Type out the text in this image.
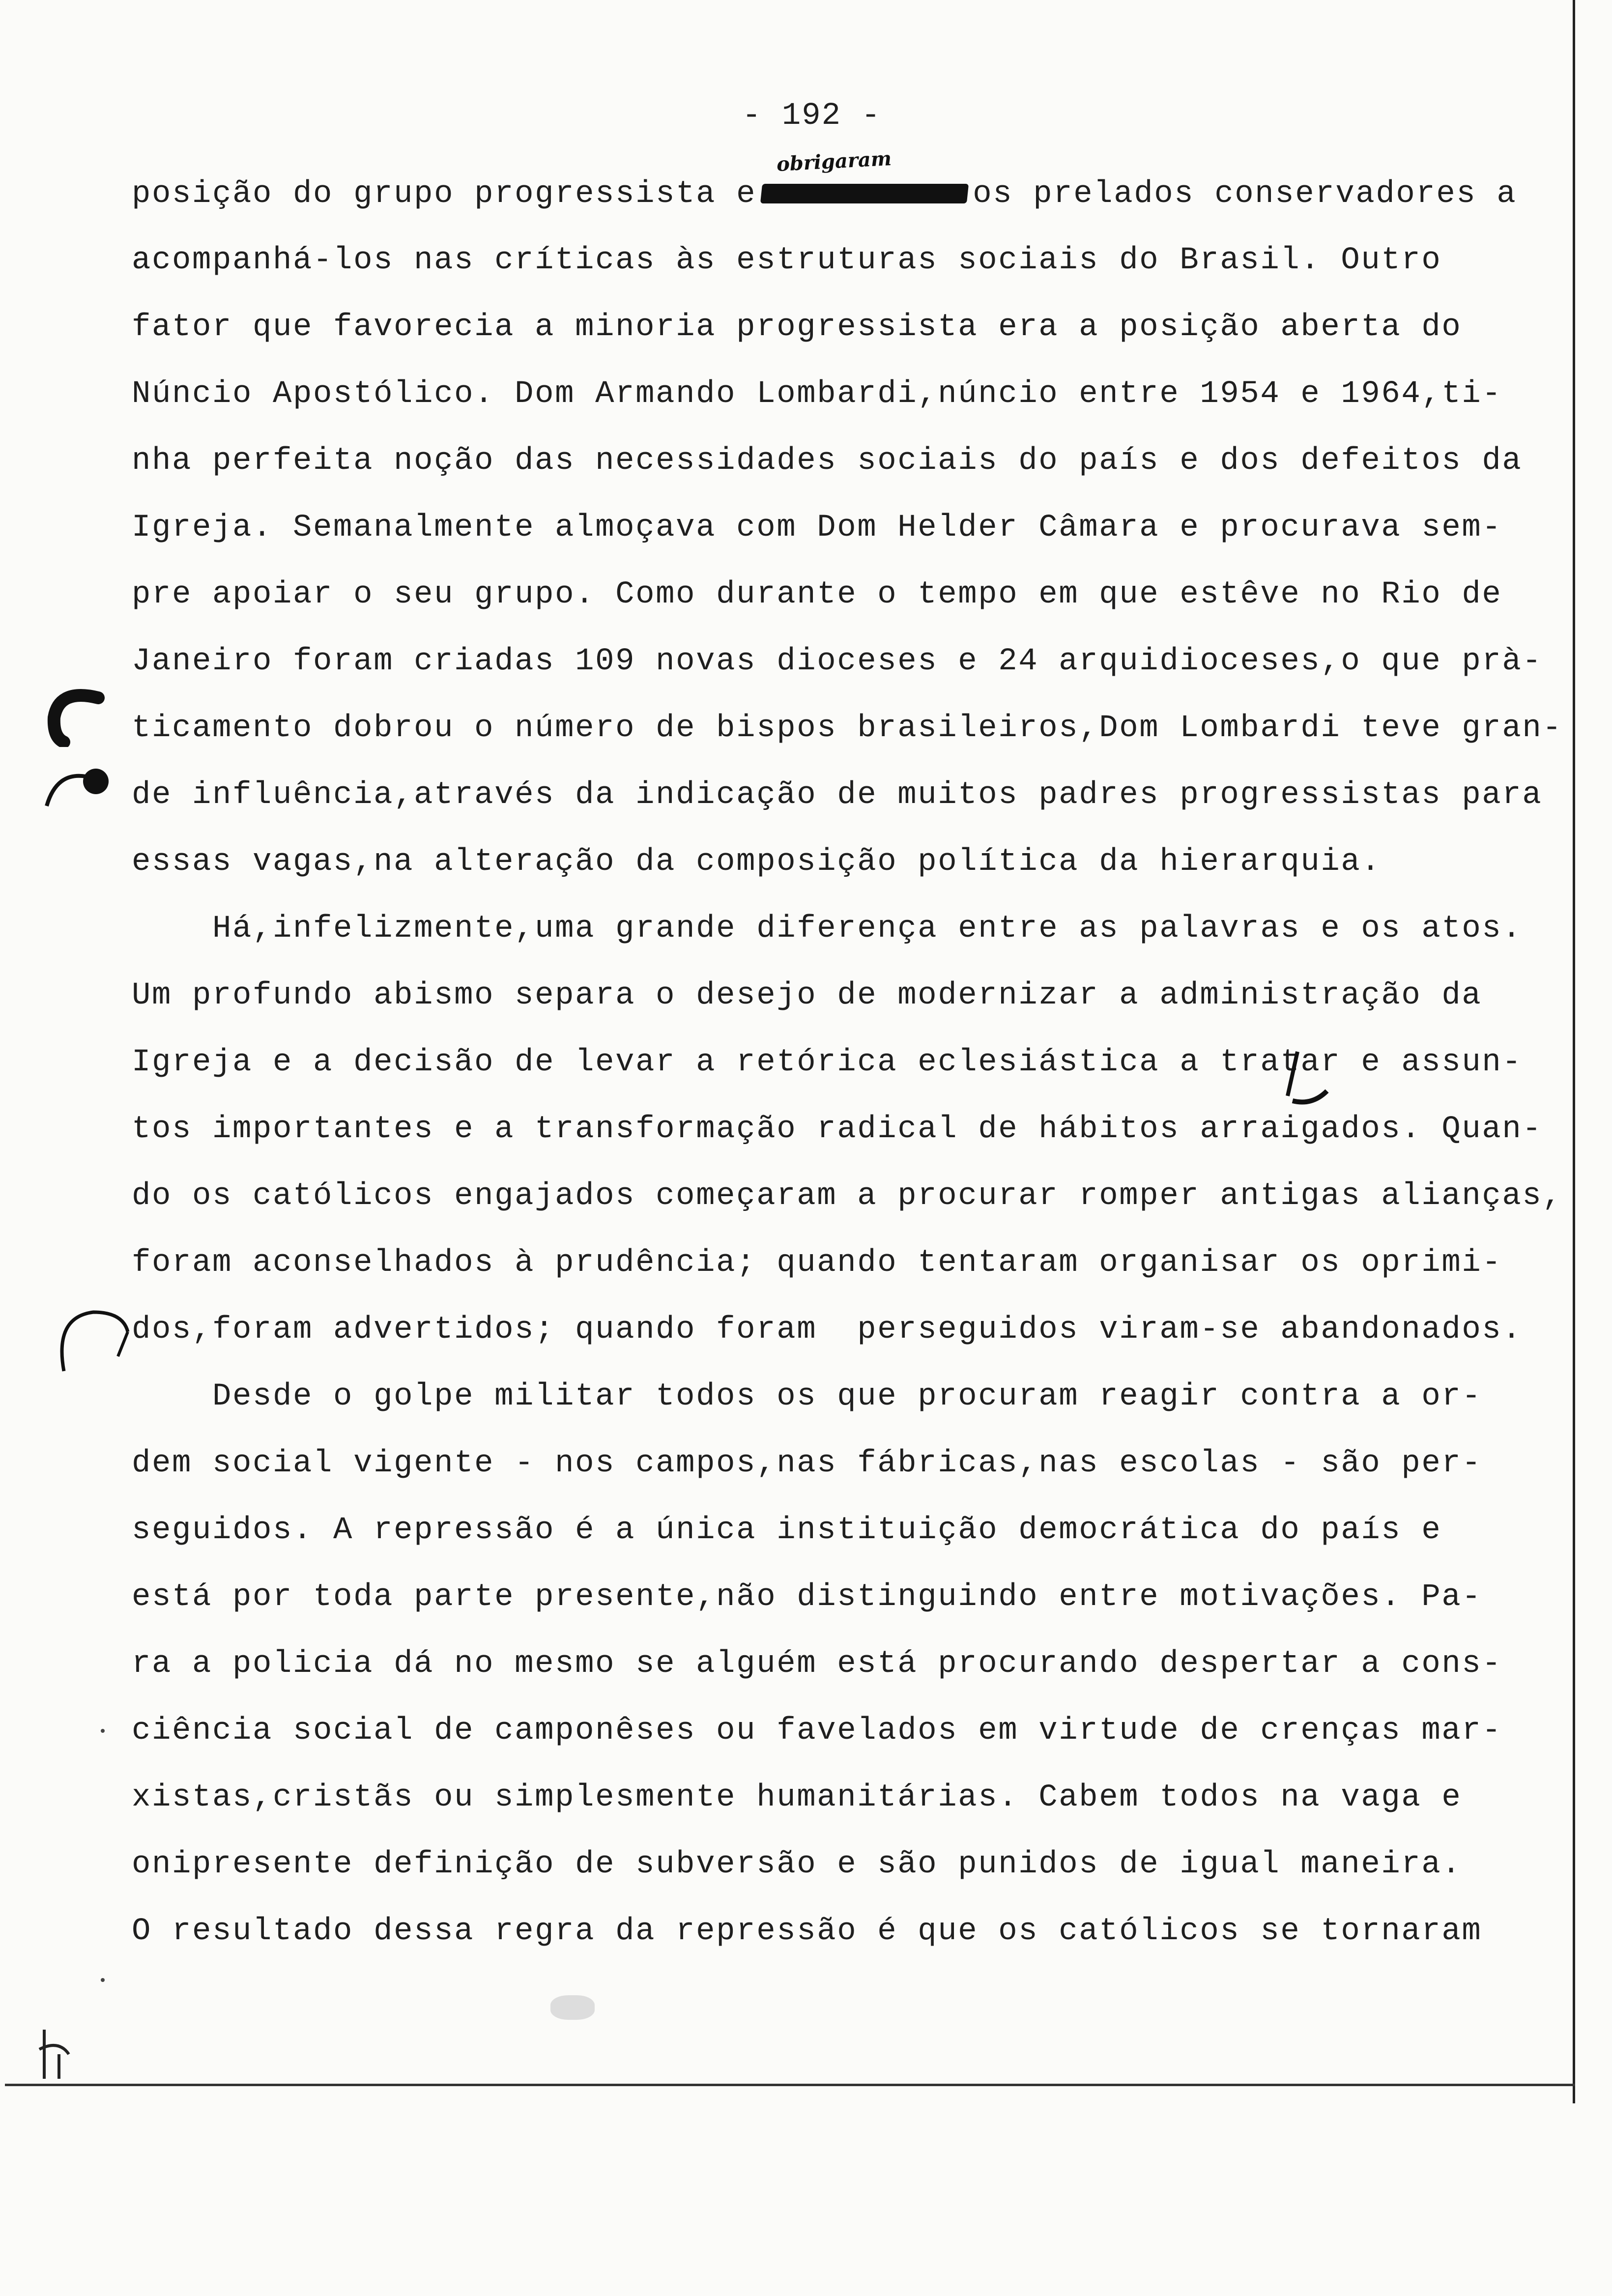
- 192 -
obrigaram
posição do grupo progressista e	os prelados conservadores a
acompanhá-los nas críticas às estruturas sociais do Brasil. Outro
fator que favorecia a minoria progressista era a posição aberta do
Núncio Apostólico. Dom Armando Lombardi,núncio entre 1954 e 1964,ti-
nha perfeita noção das necessidades sociais do país e dos defeitos da
Igreja. Semanalmente almoçava com Dom Helder Câmara e procurava sem-
pre apoiar o seu grupo. Como durante o tempo em que estêve no Rio de
Janeiro foram criadas 109 novas dioceses e 24 arquidioceses,o que prà-
ticamento dobrou o número de bispos brasileiros,Dom Lombardi teve gran-
de influência,através da indicação de muitos padres progressistas para
essas vagas,na alteração da composição política da hierarquia.
Há,infelizmente,uma grande diferença entre as palavras e os atos.
Um profundo abismo separa o desejo de modernizar a administração da
Igreja e a decisão de levar a retórica eclesiástica a tratar e assun-
tos importantes e a transformação radical de hábitos arraigados. Quan-
do os católicos engajados começaram a procurar romper antigas alianças,
foram aconselhados à prudência; quando tentaram organisar os oprimi-
dos,foram advertidos; quando foram  perseguidos viram-se abandonados.
Desde o golpe militar todos os que procuram reagir contra a or-
dem social vigente - nos campos,nas fábricas,nas escolas - são per-
seguidos. A repressão é a única instituição democrática do país e
está por toda parte presente,não distinguindo entre motivações. Pa-
ra a policia dá no mesmo se alguém está procurando despertar a cons-
ciência social de camponêses ou favelados em virtude de crenças mar-
xistas,cristãs ou simplesmente humanitárias. Cabem todos na vaga e
onipresente definição de subversão e são punidos de igual maneira.
O resultado dessa regra da repressão é que os católicos se tornaram
